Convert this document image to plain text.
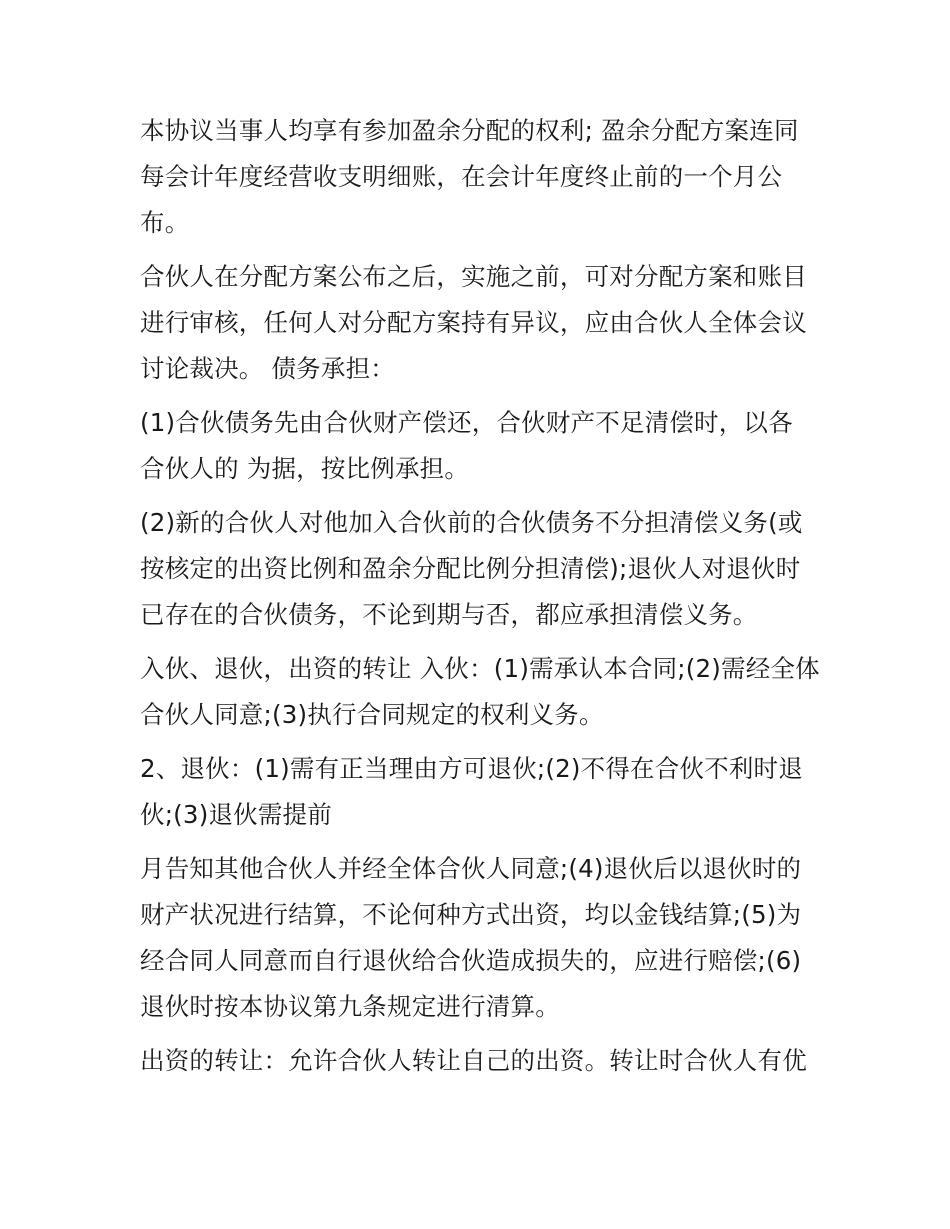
本协议当事人均享有参加盈余分配的权利; 盈余分配方案连同
每会计年度经营收支明细账，在会计年度终止前的一个月公
布。
合伙人在分配方案公布之后，实施之前，可对分配方案和账目
进行审核，任何人对分配方案持有异议，应由合伙人全体会议
讨论裁决。 债务承担：
(1)合伙债务先由合伙财产偿还，合伙财产不足清偿时，以各
合伙人的 为据，按比例承担。
(2)新的合伙人对他加入合伙前的合伙债务不分担清偿义务(或
按核定的出资比例和盈余分配比例分担清偿);退伙人对退伙时
已存在的合伙债务，不论到期与否，都应承担清偿义务。
入伙、退伙，出资的转让 入伙：(1)需承认本合同;(2)需经全体
合伙人同意;(3)执行合同规定的权利义务。
2、退伙：(1)需有正当理由方可退伙;(2)不得在合伙不利时退
伙;(3)退伙需提前
月告知其他合伙人并经全体合伙人同意;(4)退伙后以退伙时的
财产状况进行结算，不论何种方式出资，均以金钱结算;(5)为
经合同人同意而自行退伙给合伙造成损失的，应进行赔偿;(6)
退伙时按本协议第九条规定进行清算。
出资的转让：允许合伙人转让自己的出资。转让时合伙人有优
